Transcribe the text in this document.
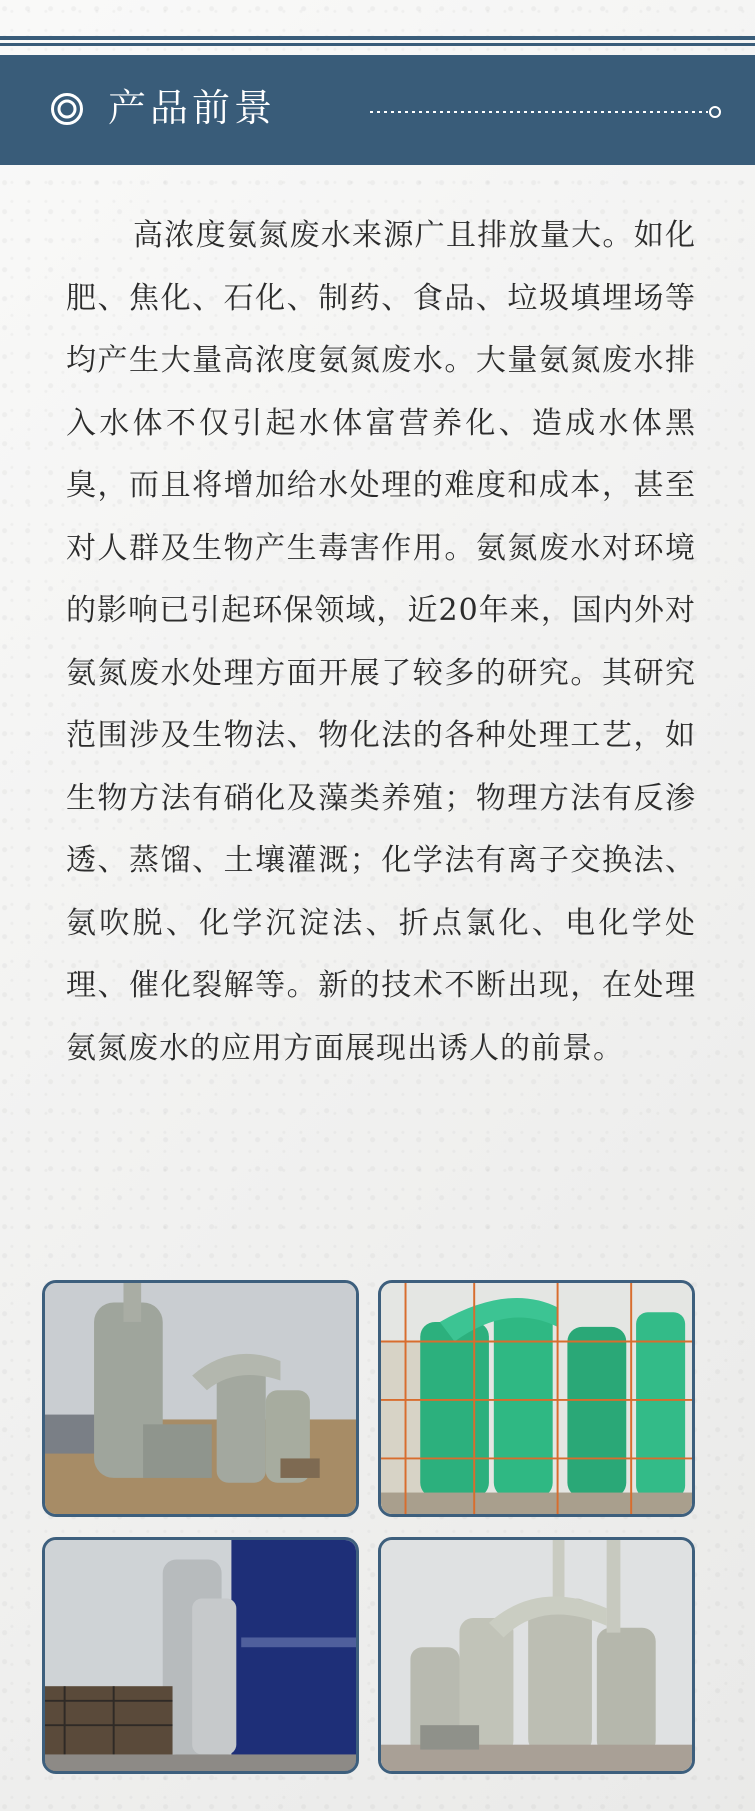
产品前景
高浓度氨氮废水来源广且排放量大。如化肥、焦化、石化、制药、食品、垃圾填埋场等均产生大量高浓度氨氮废水。大量氨氮废水排入水体不仅引起水体富营养化、造成水体黑臭，而且将增加给水处理的难度和成本，甚至对人群及生物产生毒害作用。氨氮废水对环境的影响已引起环保领域，近20年来，国内外对氨氮废水处理方面开展了较多的研究。其研究范围涉及生物法、物化法的各种处理工艺，如生物方法有硝化及藻类养殖；物理方法有反渗透、蒸馏、土壤灌溉；化学法有离子交换法、氨吹脱、化学沉淀法、折点氯化、电化学处理、催化裂解等。新的技术不断出现，在处理氨氮废水的应用方面展现出诱人的前景。
